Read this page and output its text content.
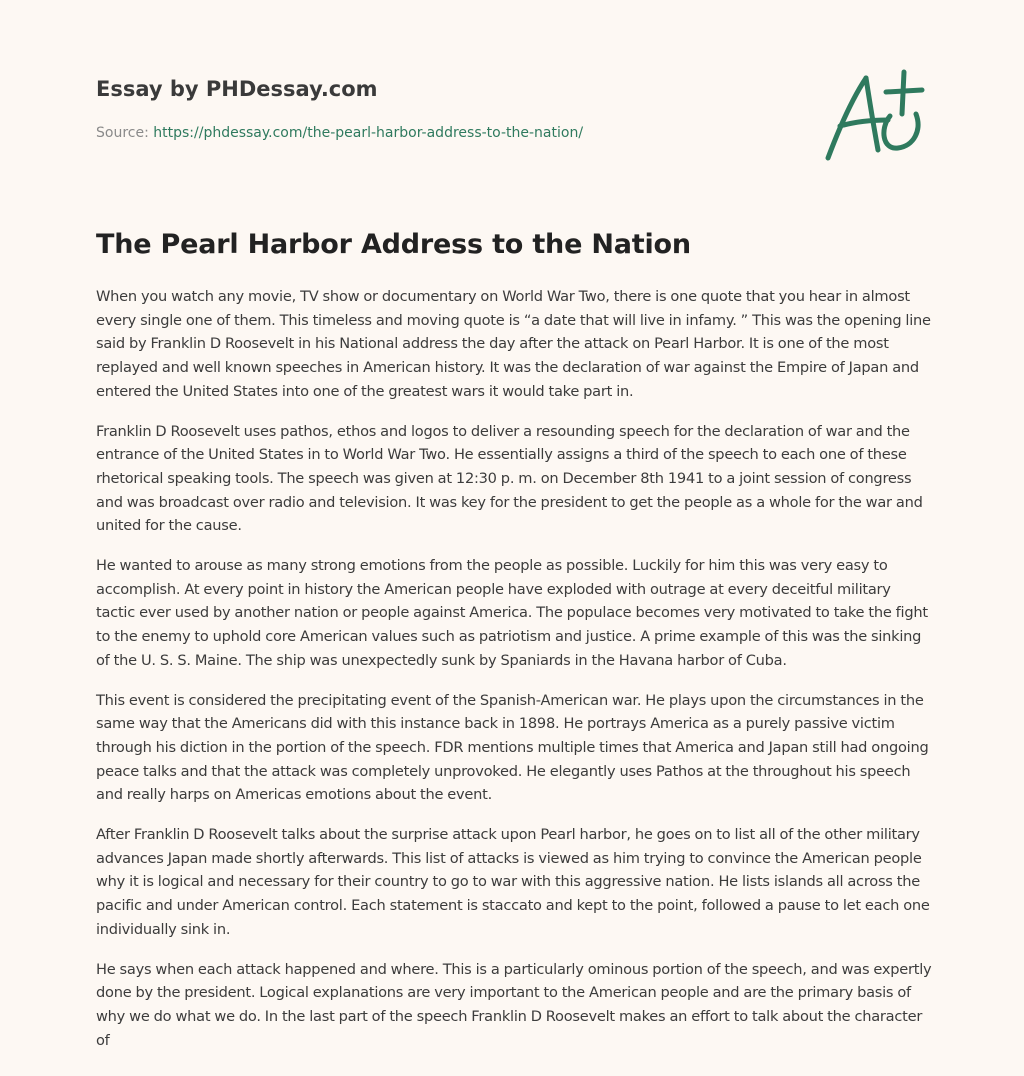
Essay by PHDessay.com
Source: https://phdessay.com/the-pearl-harbor-address-to-the-nation/
The Pearl Harbor Address to the Nation

When you watch any movie, TV show or documentary on World War Two, there is one quote that you hear in almost every single one of them. This timeless and moving quote is “a date that will live in infamy. ” This was the opening line said by Franklin D Roosevelt in his National address the day after the attack on Pearl Harbor. It is one of the most replayed and well known speeches in American history. It was the declaration of war against the Empire of Japan and entered the United States into one of the greatest wars it would take part in.

Franklin D Roosevelt uses pathos, ethos and logos to deliver a resounding speech for the declaration of war and the entrance of the United States in to World War Two. He essentially assigns a third of the speech to each one of these rhetorical speaking tools. The speech was given at 12:30 p. m. on December 8th 1941 to a joint session of congress and was broadcast over radio and television. It was key for the president to get the people as a whole for the war and united for the cause.

He wanted to arouse as many strong emotions from the people as possible. Luckily for him this was very easy to accomplish. At every point in history the American people have exploded with outrage at every deceitful military tactic ever used by another nation or people against America. The populace becomes very motivated to take the fight to the enemy to uphold core American values such as patriotism and justice. A prime example of this was the sinking of the U. S. S. Maine. The ship was unexpectedly sunk by Spaniards in the Havana harbor of Cuba.

This event is considered the precipitating event of the Spanish-American war. He plays upon the circumstances in the same way that the Americans did with this instance back in 1898. He portrays America as a purely passive victim through his diction in the portion of the speech. FDR mentions multiple times that America and Japan still had ongoing peace talks and that the attack was completely unprovoked. He elegantly uses Pathos at the throughout his speech and really harps on Americas emotions about the event.

After Franklin D Roosevelt talks about the surprise attack upon Pearl harbor, he goes on to list all of the other military advances Japan made shortly afterwards. This list of attacks is viewed as him trying to convince the American people why it is logical and necessary for their country to go to war with this aggressive nation. He lists islands all across the pacific and under American control. Each statement is staccato and kept to the point, followed a pause to let each one individually sink in.

He says when each attack happened and where. This is a particularly ominous portion of the speech, and was expertly done by the president. Logical explanations are very important to the American people and are the primary basis of why we do what we do. In the last part of the speech Franklin D Roosevelt makes an effort to talk about the character of
